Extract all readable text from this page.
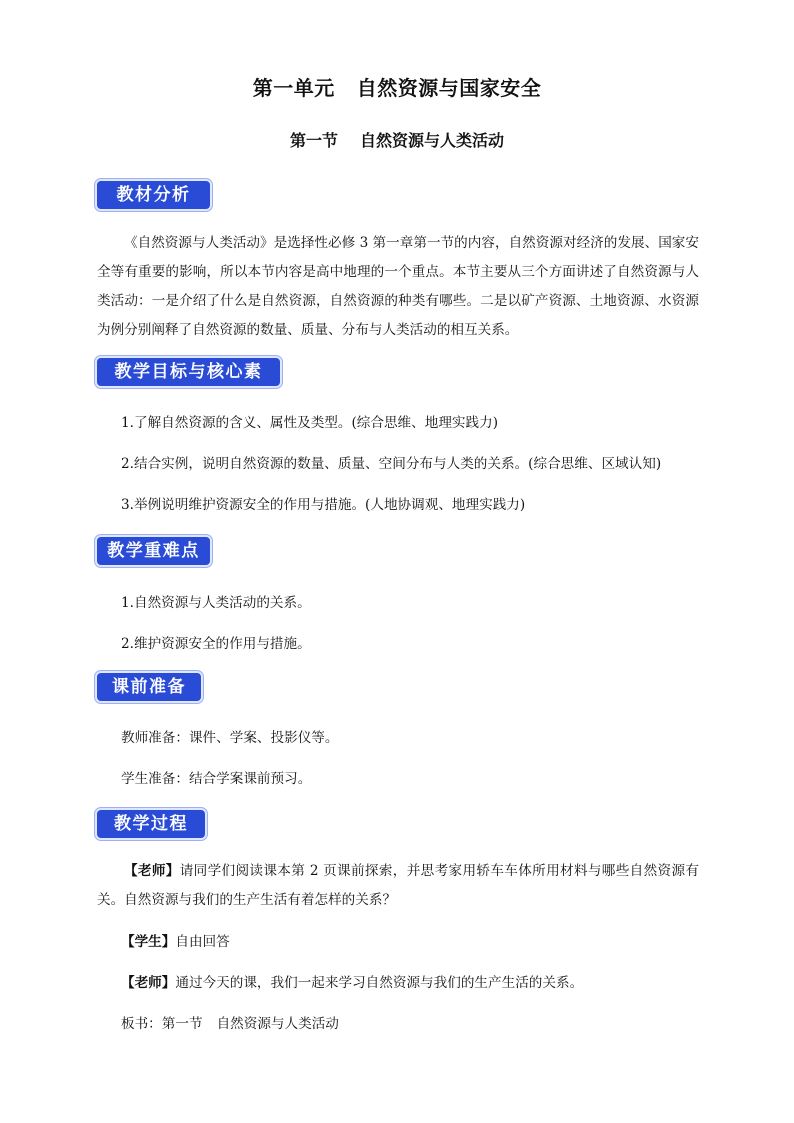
第一单元 自然资源与国家安全
第一节 自然资源与人类活动
教材分析
《自然资源与人类活动》是选择性必修 3 第一章第一节的内容，自然资源对经济的发展、国家安全等有重要的影响，所以本节内容是高中地理的一个重点。本节主要从三个方面讲述了自然资源与人类活动：一是介绍了什么是自然资源，自然资源的种类有哪些。二是以矿产资源、土地资源、水资源为例分别阐释了自然资源的数量、质量、分布与人类活动的相互关系。
教学目标与核心素养
1.了解自然资源的含义、属性及类型。(综合思维、地理实践力)
2.结合实例，说明自然资源的数量、质量、空间分布与人类的关系。(综合思维、区域认知)
3.举例说明维护资源安全的作用与措施。(人地协调观、地理实践力)
教学重难点
1.自然资源与人类活动的关系。
2.维护资源安全的作用与措施。
课前准备
教师准备：课件、学案、投影仪等。
学生准备：结合学案课前预习。
教学过程
【老师】请同学们阅读课本第 2 页课前探索，并思考家用轿车车体所用材料与哪些自然资源有关。自然资源与我们的生产生活有着怎样的关系？
【学生】自由回答
【老师】通过今天的课，我们一起来学习自然资源与我们的生产生活的关系。
板书：第一节 自然资源与人类活动
